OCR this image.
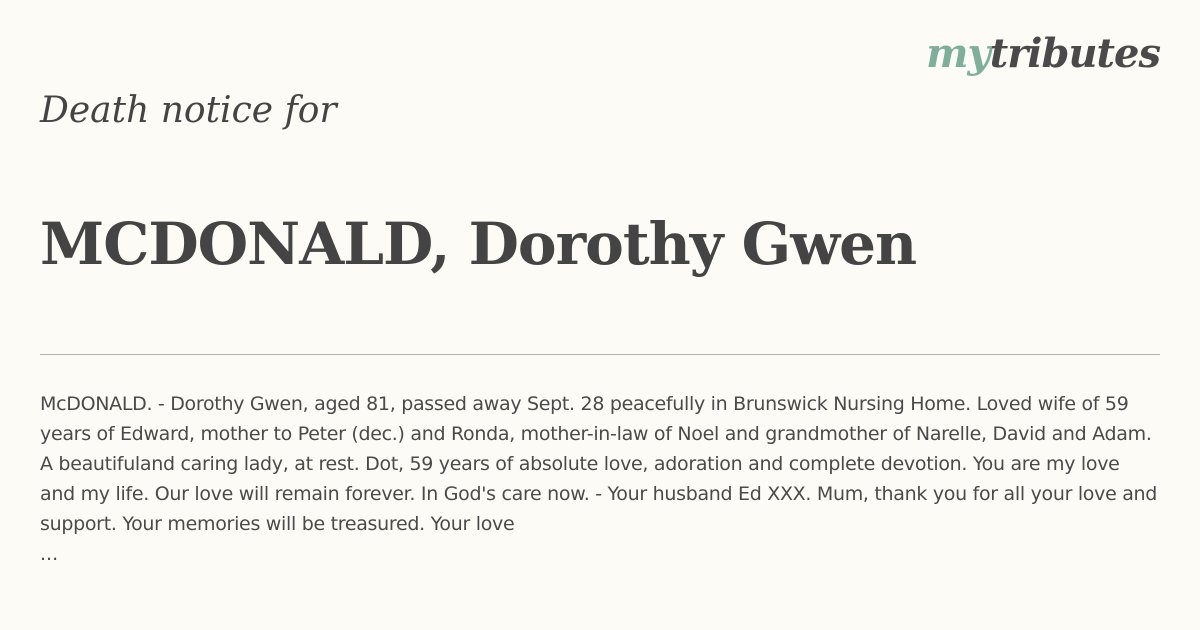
mytributes
Death notice for
MCDONALD, Dorothy Gwen

McDONALD. - Dorothy Gwen, aged 81, passed away Sept. 28 peacefully in Brunswick Nursing Home. Loved wife of 59 years of Edward, mother to Peter (dec.) and Ronda, mother-in-law of Noel and grandmother of Narelle, David and Adam. A beautifuland caring lady, at rest. Dot, 59 years of absolute love, adoration and complete devotion. You are my love and my life. Our love will remain forever. In God's care now. - Your husband Ed XXX. Mum, thank you for all your love and support. Your memories will be treasured. Your love

...
